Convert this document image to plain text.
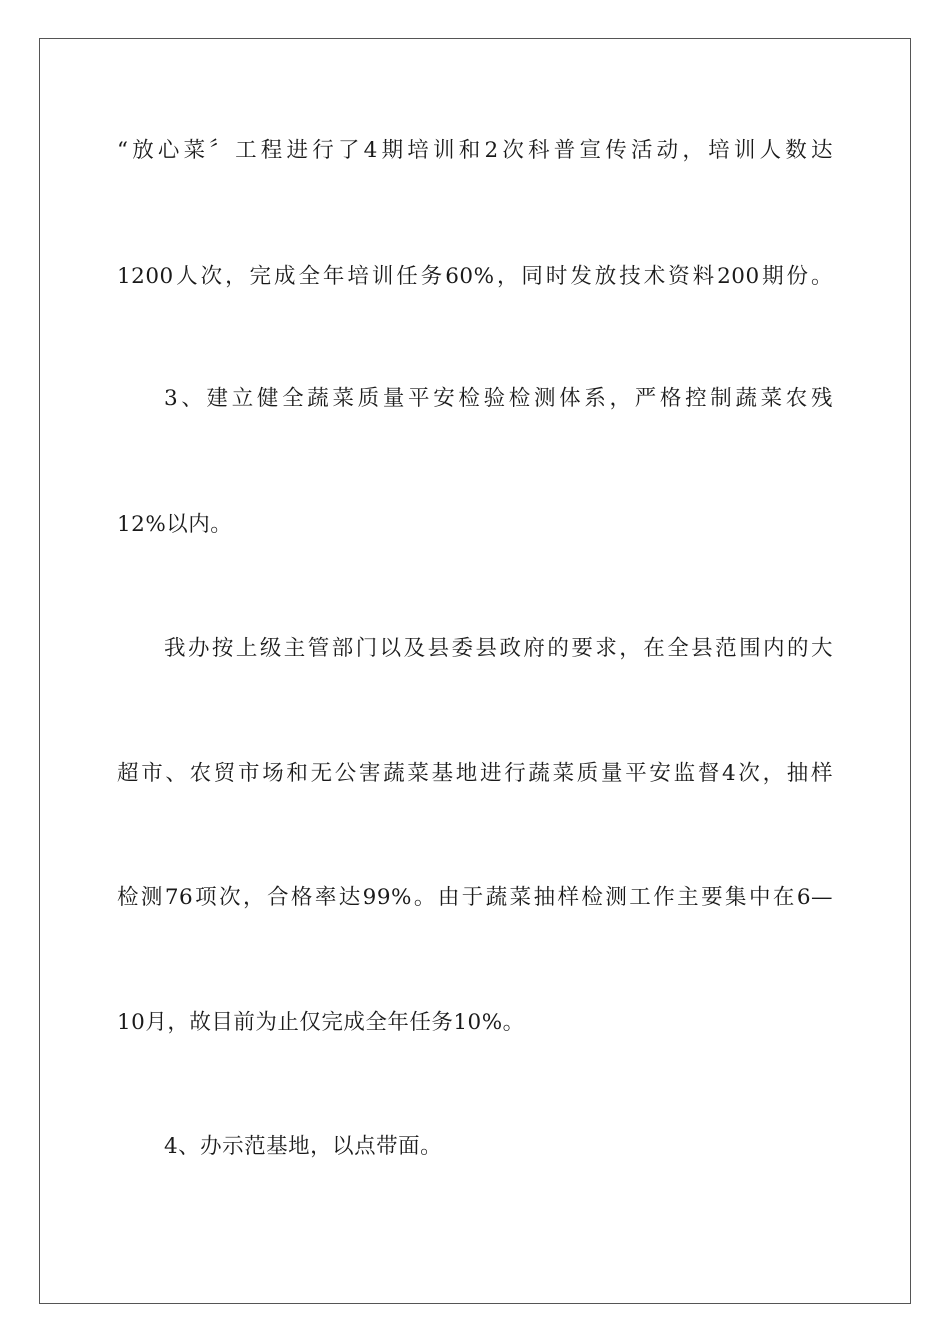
“放心菜〞工程进行了4期培训和2次科普宣传活动，培训人数达
1200人次，完成全年培训任务60%，同时发放技术资料200期份。
3、建立健全蔬菜质量平安检验检测体系，严格控制蔬菜农残
12%以内。
我办按上级主管部门以及县委县政府的要求，在全县范围内的大
超市、农贸市场和无公害蔬菜基地进行蔬菜质量平安监督4次，抽样
检测76项次，合格率达99%。由于蔬菜抽样检测工作主要集中在6—
10月，故目前为止仅完成全年任务10%。
4、办示范基地，以点带面。
